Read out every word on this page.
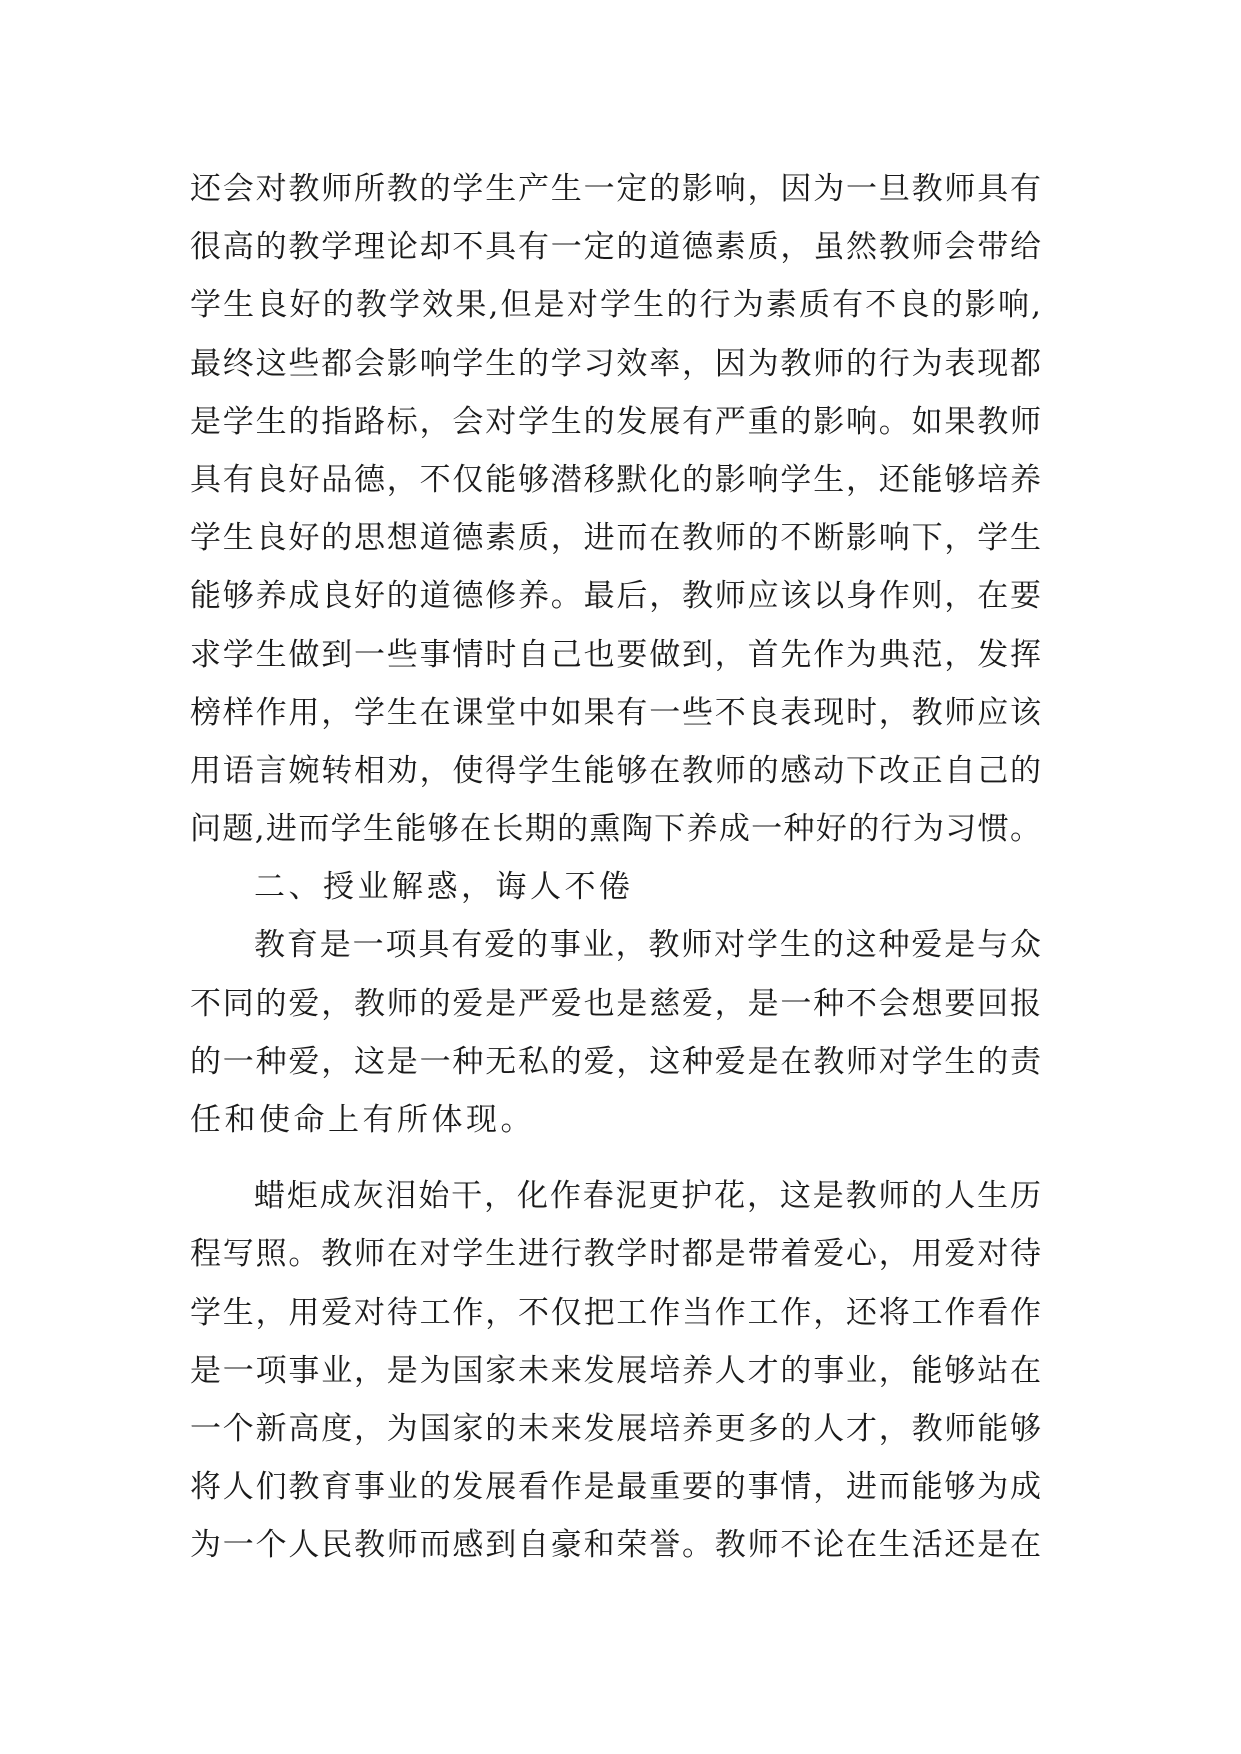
还会对教师所教的学生产生一定的影响，因为一旦教师具有
很高的教学理论却不具有一定的道德素质，虽然教师会带给
学生良好的教学效果,但是对学生的行为素质有不良的影响,
最终这些都会影响学生的学习效率，因为教师的行为表现都
是学生的指路标，会对学生的发展有严重的影响。如果教师
具有良好品德，不仅能够潜移默化的影响学生，还能够培养
学生良好的思想道德素质，进而在教师的不断影响下，学生
能够养成良好的道德修养。最后，教师应该以身作则，在要
求学生做到一些事情时自己也要做到，首先作为典范，发挥
榜样作用，学生在课堂中如果有一些不良表现时，教师应该
用语言婉转相劝，使得学生能够在教师的感动下改正自己的
问题,进而学生能够在长期的熏陶下养成一种好的行为习惯。
二、授业解惑，诲人不倦
教育是一项具有爱的事业，教师对学生的这种爱是与众
不同的爱，教师的爱是严爱也是慈爱，是一种不会想要回报
的一种爱，这是一种无私的爱，这种爱是在教师对学生的责
任和使命上有所体现。
蜡炬成灰泪始干，化作春泥更护花，这是教师的人生历
程写照。教师在对学生进行教学时都是带着爱心，用爱对待
学生，用爱对待工作，不仅把工作当作工作，还将工作看作
是一项事业，是为国家未来发展培养人才的事业，能够站在
一个新高度，为国家的未来发展培养更多的人才，教师能够
将人们教育事业的发展看作是最重要的事情，进而能够为成
为一个人民教师而感到自豪和荣誉。教师不论在生活还是在
